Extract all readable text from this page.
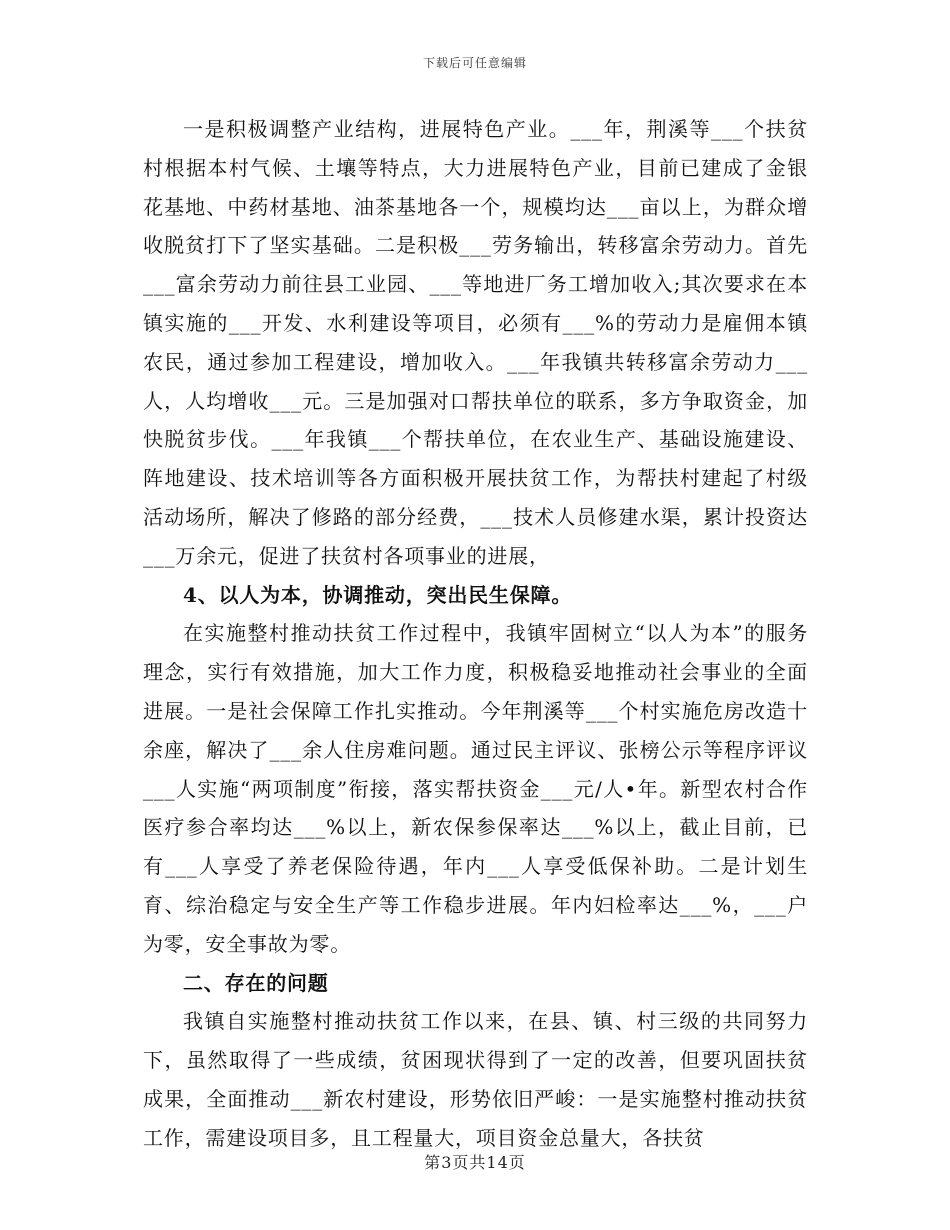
下载后可任意编辑

一是积极调整产业结构，进展特色产业。___年，荆溪等___个扶贫村根据本村气候、土壤等特点，大力进展特色产业，目前已建成了金银花基地、中药材基地、油茶基地各一个，规模均达___亩以上，为群众增收脱贫打下了坚实基础。二是积极___劳务输出，转移富余劳动力。首先___富余劳动力前往县工业园、___等地进厂务工增加收入;其次要求在本镇实施的___开发、水利建设等项目，必须有___%的劳动力是雇佣本镇农民，通过参加工程建设，增加收入。___年我镇共转移富余劳动力___人，人均增收___元。三是加强对口帮扶单位的联系，多方争取资金，加快脱贫步伐。___年我镇___个帮扶单位，在农业生产、基础设施建设、阵地建设、技术培训等各方面积极开展扶贫工作，为帮扶村建起了村级活动场所，解决了修路的部分经费，___技术人员修建水渠，累计投资达___万余元，促进了扶贫村各项事业的进展，

4、以人为本，协调推动，突出民生保障。

在实施整村推动扶贫工作过程中，我镇牢固树立“以人为本”的服务理念，实行有效措施，加大工作力度，积极稳妥地推动社会事业的全面进展。一是社会保障工作扎实推动。今年荆溪等___个村实施危房改造十余座，解决了___余人住房难问题。通过民主评议、张榜公示等程序评议___人实施“两项制度”衔接，落实帮扶资金___元/人•年。新型农村合作医疗参合率均达___%以上，新农保参保率达___%以上，截止目前，已有___人享受了养老保险待遇，年内___人享受低保补助。二是计划生育、综治稳定与安全生产等工作稳步进展。年内妇检率达___%，___户为零，安全事故为零。

二、存在的问题

我镇自实施整村推动扶贫工作以来，在县、镇、村三级的共同努力下，虽然取得了一些成绩，贫困现状得到了一定的改善，但要巩固扶贫成果，全面推动___新农村建设，形势依旧严峻：一是实施整村推动扶贫工作，需建设项目多，且工程量大，项目资金总量大，各扶贫

第3页共14页
